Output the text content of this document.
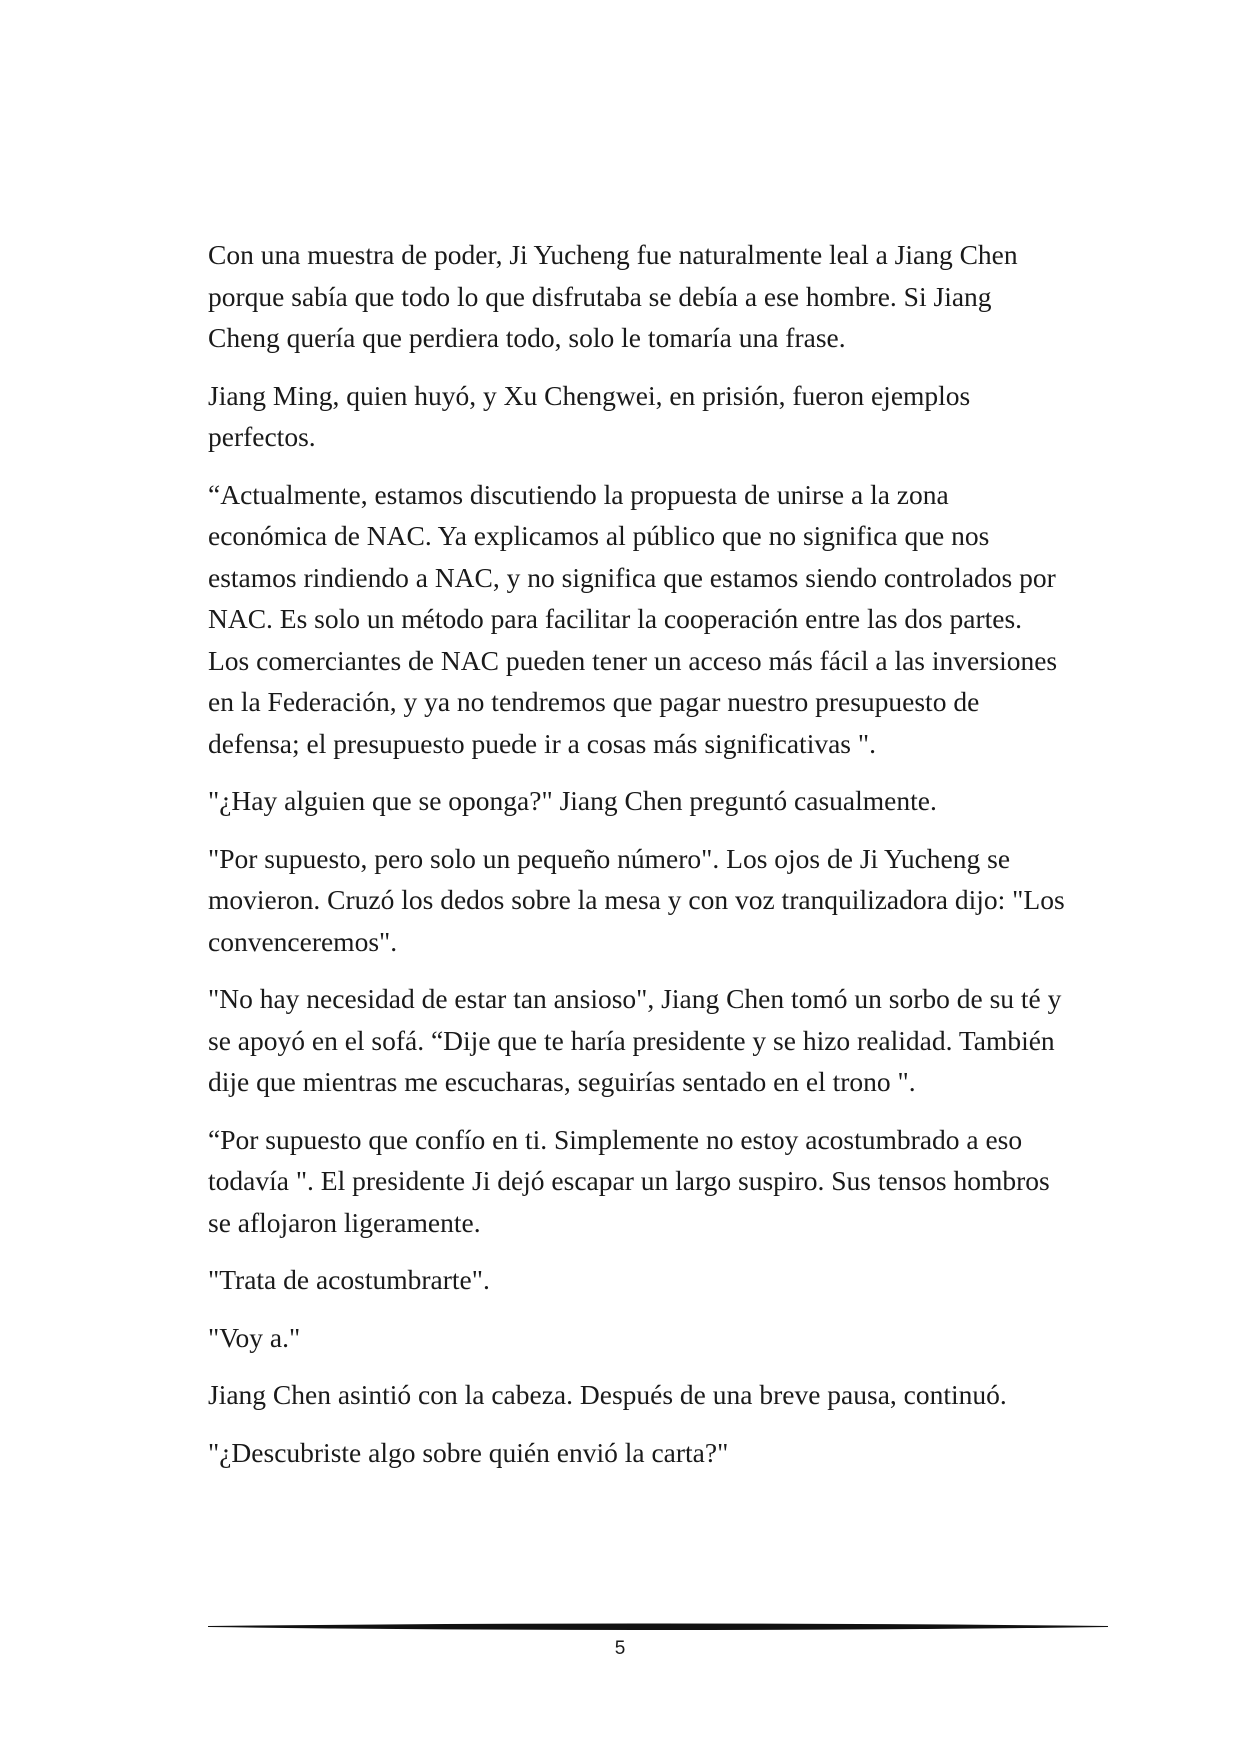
Con una muestra de poder, Ji Yucheng fue naturalmente leal a Jiang Chen porque sabía que todo lo que disfrutaba se debía a ese hombre. Si Jiang Cheng quería que perdiera todo, solo le tomaría una frase.

Jiang Ming, quien huyó, y Xu Chengwei, en prisión, fueron ejemplos perfectos.

“Actualmente, estamos discutiendo la propuesta de unirse a la zona económica de NAC. Ya explicamos al público que no significa que nos estamos rindiendo a NAC, y no significa que estamos siendo controlados por NAC. Es solo un método para facilitar la cooperación entre las dos partes. Los comerciantes de NAC pueden tener un acceso más fácil a las inversiones en la Federación, y ya no tendremos que pagar nuestro presupuesto de defensa; el presupuesto puede ir a cosas más significativas ".

"¿Hay alguien que se oponga?" Jiang Chen preguntó casualmente.

"Por supuesto, pero solo un pequeño número". Los ojos de Ji Yucheng se movieron. Cruzó los dedos sobre la mesa y con voz tranquilizadora dijo: "Los convenceremos".

"No hay necesidad de estar tan ansioso", Jiang Chen tomó un sorbo de su té y se apoyó en el sofá. “Dije que te haría presidente y se hizo realidad. También dije que mientras me escucharas, seguirías sentado en el trono ".

“Por supuesto que confío en ti. Simplemente no estoy acostumbrado a eso todavía ". El presidente Ji dejó escapar un largo suspiro. Sus tensos hombros se aflojaron ligeramente.

"Trata de acostumbrarte".

"Voy a."

Jiang Chen asintió con la cabeza. Después de una breve pausa, continuó.

"¿Descubriste algo sobre quién envió la carta?"

5
